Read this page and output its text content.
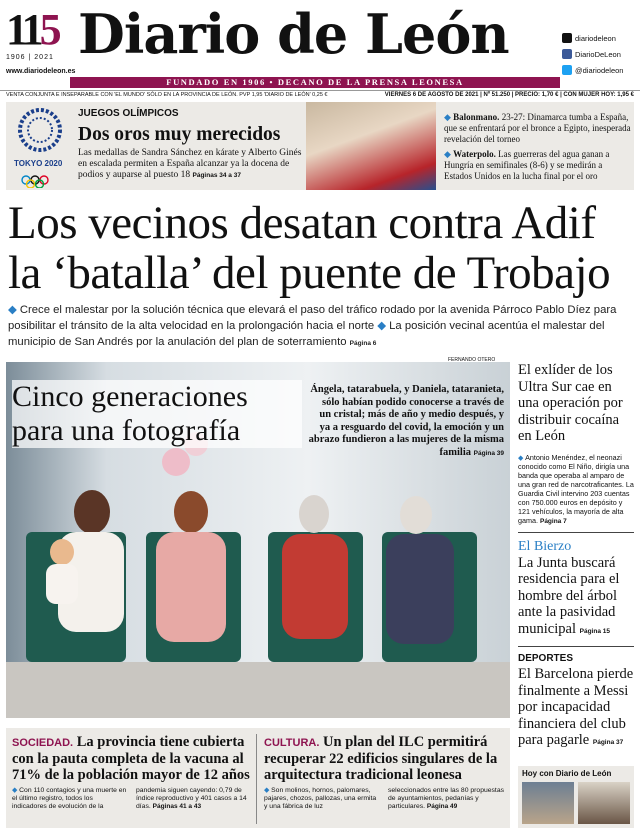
115
1906 | 2021 Diario de León	diariodeleon
DiarioDeLeon
@diariodeleon
www.diariodeleon.es
FUNDADO EN 1906 • DECANO DE LA PRENSA LEONESA
VENTA CONJUNTA E INSEPARABLE CON 'EL MUNDO' SÓLO EN LA PROVINCIA DE LEÓN. PVP 1,95 'DIARIO DE LEÓN' 0,25 €	VIERNES 6 DE AGOSTO DE 2021 | Nº 51.250 | PRECIO: 1,70 € | CON MUJER HOY: 1,95 €
TOKYO 2020
JUEGOS OLÍMPICOS
Dos oros muy merecidos
Las medallas de Sandra Sánchez en kárate y Alberto Ginés en escalada permiten a España alcanzar ya la docena de podios y auparse al puesto 18 Páginas 34 a 37
◆ Balonmano. 23-27: Dinamarca tumba a España, que se enfrentará por el bronce a Egipto, inesperada revelación del torneo
◆ Waterpolo. Las guerreras del agua ganan a Hungría en semifinales (8-6) y se medirán a Estados Unidos en la lucha final por el oro
Los vecinos desatan contra Adif la ‘batalla’ del puente de Trobajo
◆ Crece el malestar por la solución técnica que elevará el paso del tráfico rodado por la avenida Párroco Pablo Díez para posibilitar el tránsito de la alta velocidad en la prolongación hacia el norte ◆ La posición vecinal acentúa el malestar del municipio de San Andrés por la anulación del plan de soterramiento Página 6
Cinco generaciones para una fotografía
Ángela, tatarabuela, y Daniela, tataranieta, sólo habían podido conocerse a través de un cristal; más de año y medio después, y ya a resguardo del covid, la emoción y un abrazo fundieron a las mujeres de la misma familia Página 39
FERNANDO OTERO
El exlíder de los Ultra Sur cae en una operación por distribuir cocaína en León
◆ Antonio Menéndez, el neonazi conocido como El Niño, dirigía una banda que operaba al amparo de una gran red de narcotraficantes. La Guardia Civil intervino 203 cuentas con 750.000 euros en depósito y 121 vehículos, la mayoría de alta gama. Página 7
El Bierzo
La Junta buscará residencia para el hombre del árbol ante la pasividad municipal Página 15
DEPORTES
El Barcelona pierde finalmente a Messi por incapacidad financiera del club para pagarle Página 37
SOCIEDAD. La provincia tiene cubierta con la pauta completa de la vacuna al 71% de la población mayor de 12 años
◆ Con 110 contagios y una muerte en el último registro, todos los indicadores de evolución de la
pandemia siguen cayendo: 0,79 de índice reproductivo y 401 casos a 14 días. Páginas 41 a 43
CULTURA. Un plan del ILC permitirá recuperar 22 edificios singulares de la arquitectura tradicional leonesa
◆ Son molinos, hornos, palomares, pajares, chozos, pallozas, una ermita y una fábrica de luz
seleccionados entre las 80 propuestas de ayuntamientos, pedanías y particulares. Página 49
Hoy con Diario de León
